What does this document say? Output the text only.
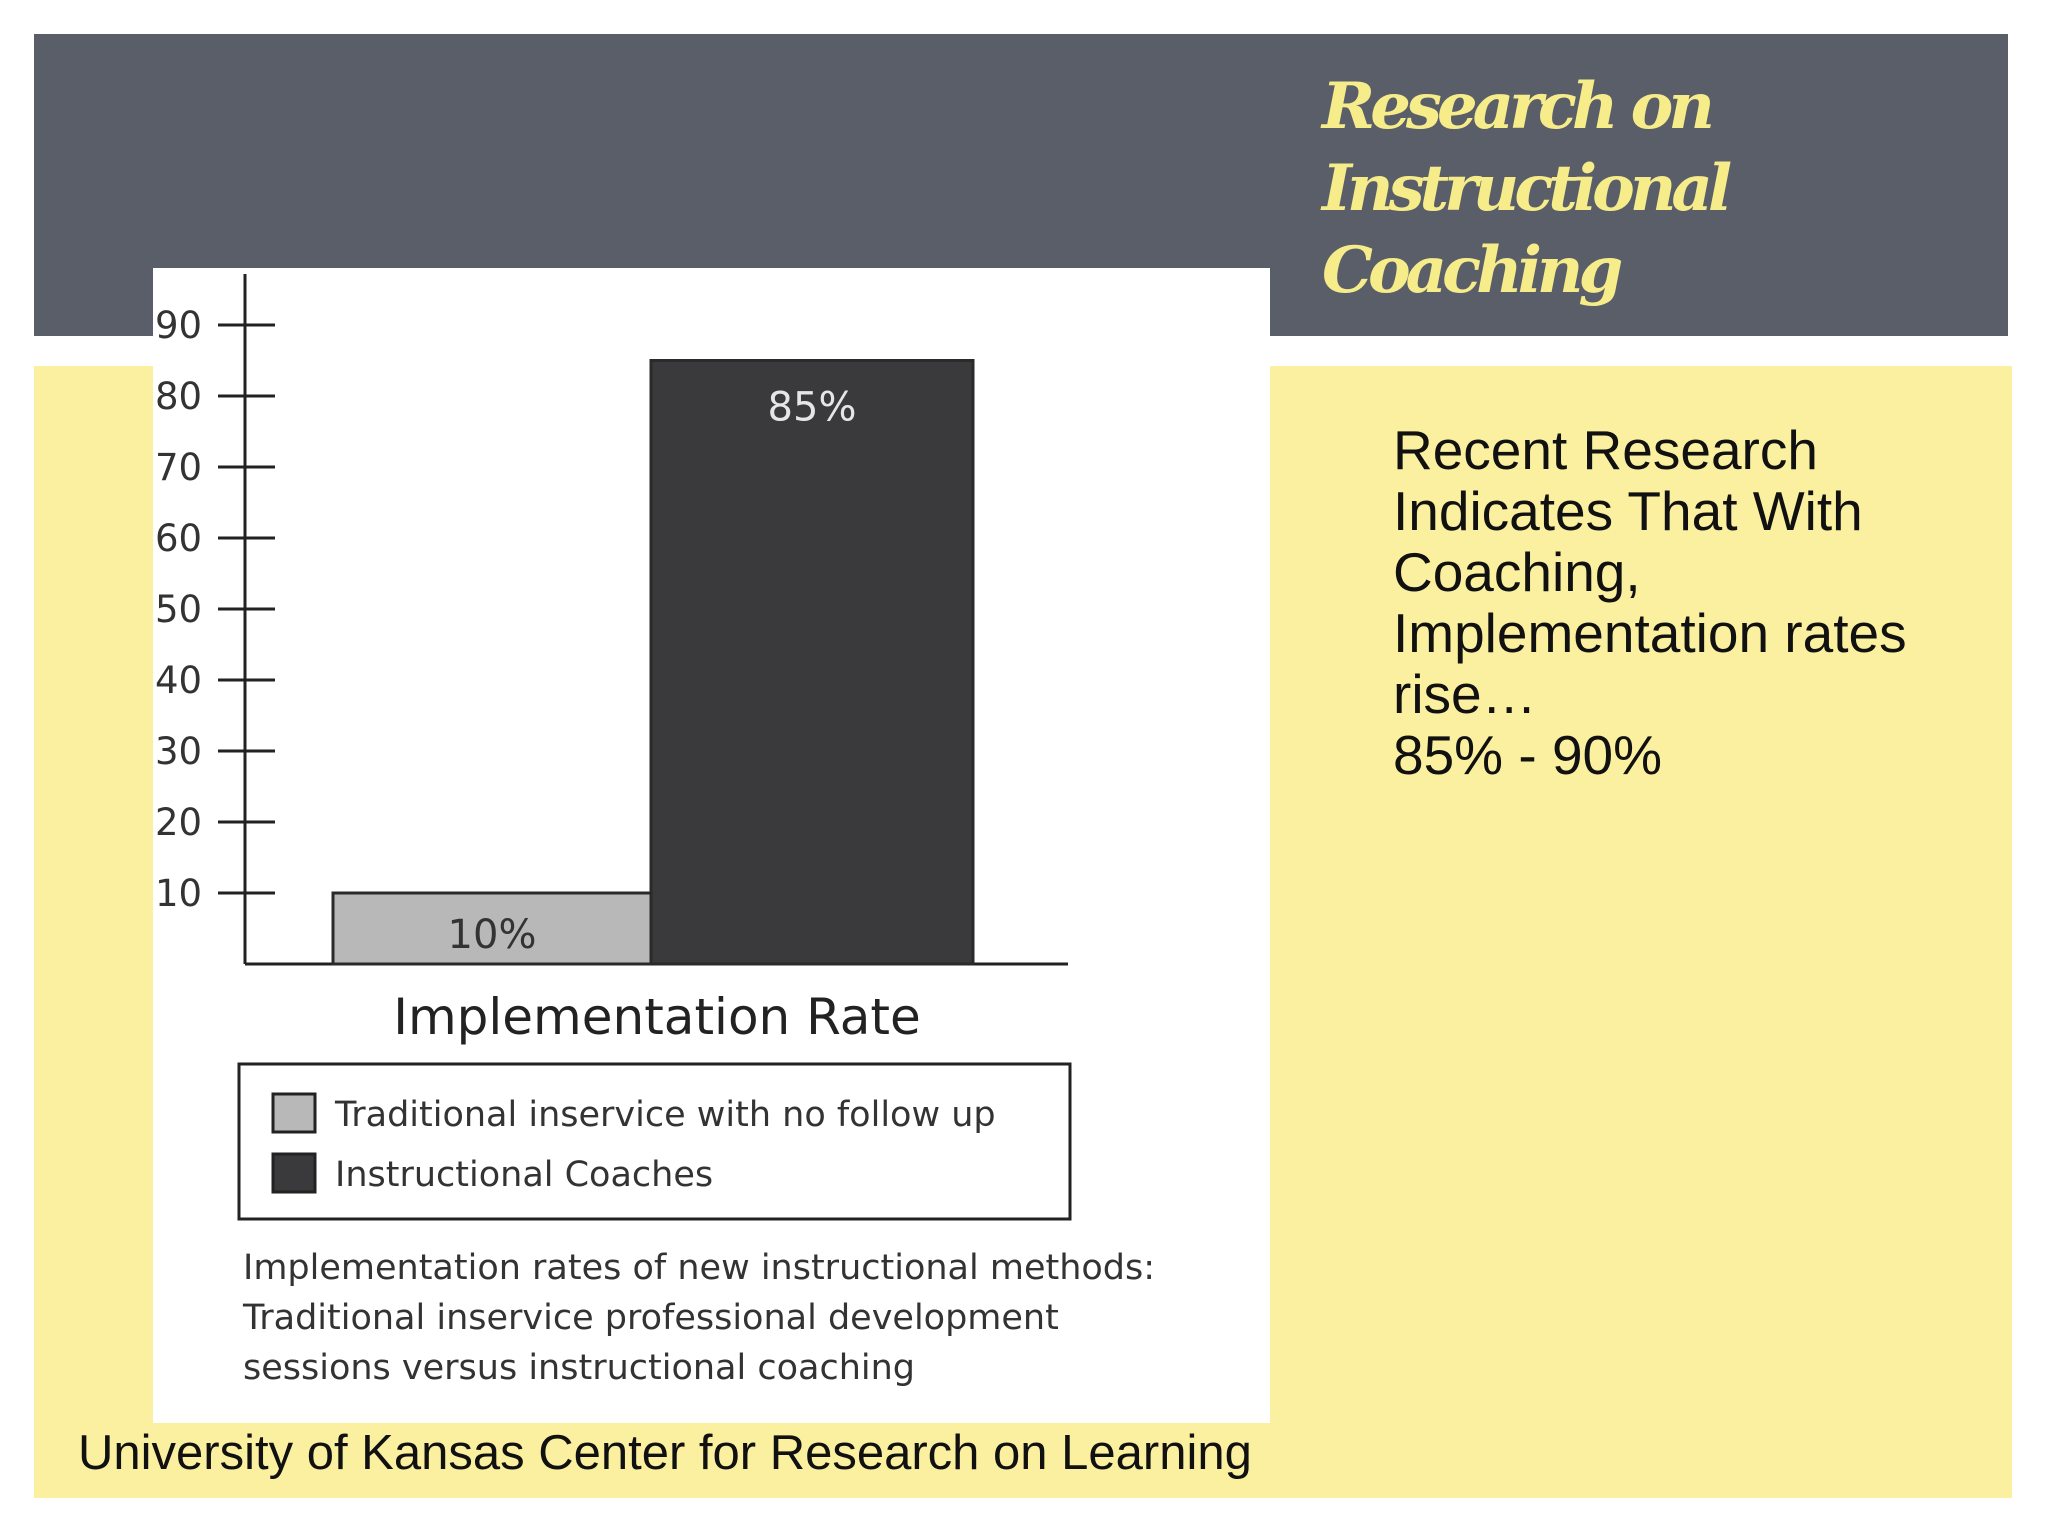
Research on
Instructional
Coaching
10
20
30
40
50
60
70
80
90
10%
85%
Implementation Rate
Traditional inservice with no follow up
Instructional Coaches
Implementation rates of new instructional methods:
Traditional inservice professional development
sessions versus instructional coaching
Recent Research
Indicates That With
Coaching,
Implementation rates
rise…
85% - 90%
University of Kansas Center for Research on Learning
